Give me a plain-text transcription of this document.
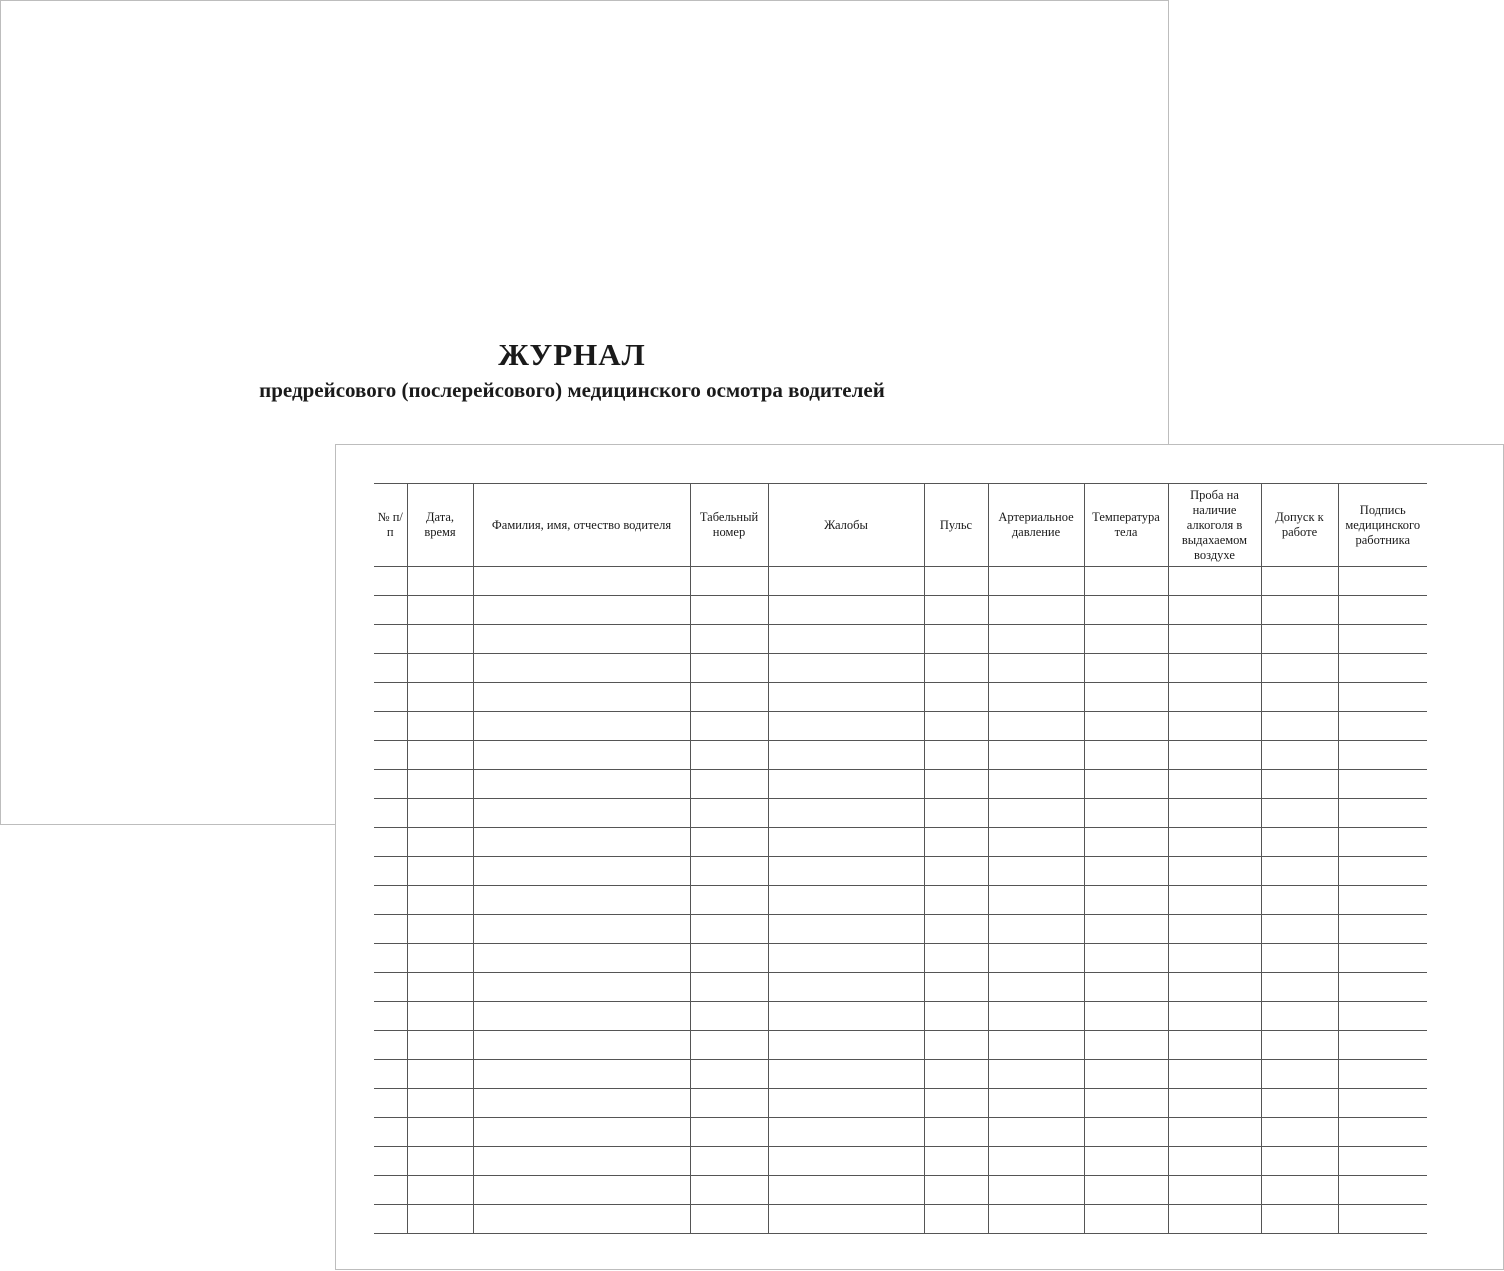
ЖУРНАЛ
предрейсового (послерейсового) медицинского осмотра водителей
№ п/п	Дата, время	Фамилия, имя, отчество водителя	Табельный номер	Жалобы	Пульс	Артериальное давление	Температура тела	Проба на наличие алкоголя в выдахаемом воздухе	Допуск к работе	Подпись медицинского работника
